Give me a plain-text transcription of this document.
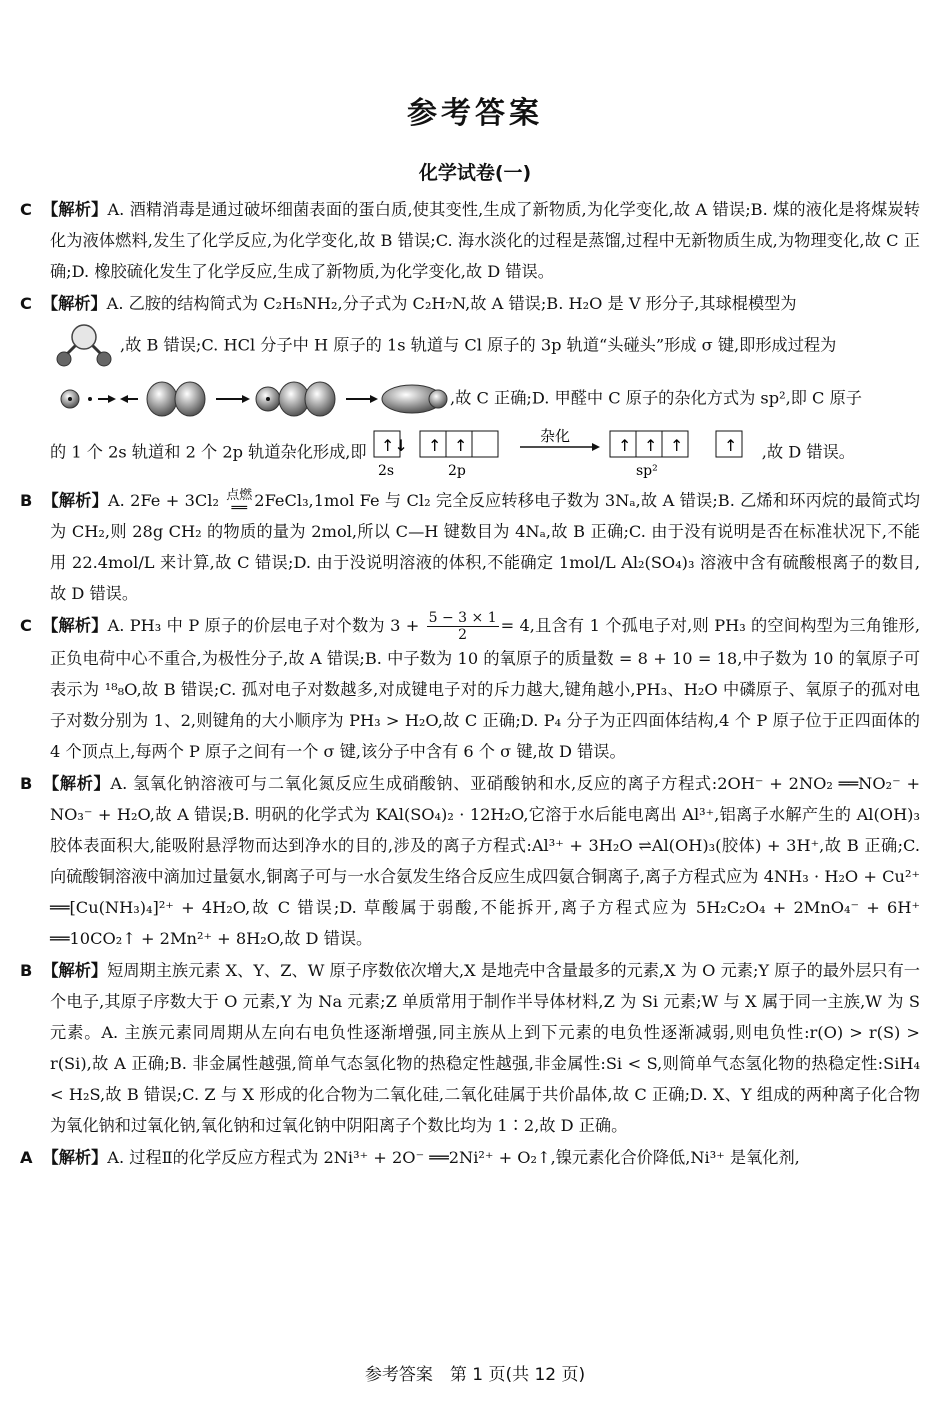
参考答案
化学试卷(一)

C 【解析】A. 酒精消毒是通过破坏细菌表面的蛋白质,使其变性,生成了新物质,为化学变化,故 A 错误;B. 煤的液化是将煤炭转化为液体燃料,发生了化学反应,为化学变化,故 B 错误;C. 海水淡化的过程是蒸馏,过程中无新物质生成,为物理变化,故 C 正确;D. 橡胶硫化发生了化学反应,生成了新物质,为化学变化,故 D 错误。

C 【解析】A. 乙胺的结构简式为 C₂H₅NH₂,分子式为 C₂H₇N,故 A 错误;B. H₂O 是 V 形分子,其球棍模型为
,故 B 错误;C. HCl 分子中 H 原子的 1s 轨道与 Cl 原子的 3p 轨道“头碰头”形成 σ 键,即形成过程为
,故 C 正确;D. 甲醛中 C 原子的杂化方式为 sp²,即 C 原子
的 1 个 2s 轨道和 2 个 2p 轨道杂化形成,即 ↑↓
2s
↑ ↑
2p
杂化	↑ ↑ ↑
sp²
↑ ,故 D 错误。

B 【解析】A. 2Fe + 3Cl₂ 点燃
══ 2FeCl₃,1mol Fe 与 Cl₂ 完全反应转移电子数为 3Nₐ,故 A 错误;B. 乙烯和环丙烷的最简式均为 CH₂,则 28g CH₂ 的物质的量为 2mol,所以 C—H 键数目为 4Nₐ,故 B 正确;C. 由于没有说明是否在标准状况下,不能用 22.4mol/L 来计算,故 C 错误;D. 由于没说明溶液的体积,不能确定 1mol/L Al₂(SO₄)₃ 溶液中含有硫酸根离子的数目,故 D 错误。

C 【解析】A. PH₃ 中 P 原子的价层电子对个数为 $3 + \frac{5 - 3 \times 1}{2} = 4$,且含有 1 个孤电子对,则 PH₃ 的空间构型为三角锥形,正负电荷中心不重合,为极性分子,故 A 错误;B. 中子数为 10 的氧原子的质量数 = 8 + 10 = 18,中子数为 10 的氧原子可表示为 ¹⁸₈O,故 B 错误;C. 孤对电子对数越多,对成键电子对的斥力越大,键角越小,PH₃、H₂O 中磷原子、氧原子的孤对电子对数分别为 1、2,则键角的大小顺序为 PH₃ > H₂O,故 C 正确;D. P₄ 分子为正四面体结构,4 个 P 原子位于正四面体的 4 个顶点上,每两个 P 原子之间有一个 σ 键,该分子中含有 6 个 σ 键,故 D 错误。

B 【解析】A. 氢氧化钠溶液可与二氧化氮反应生成硝酸钠、亚硝酸钠和水,反应的离子方程式:2OH⁻ + 2NO₂ ══NO₂⁻ + NO₃⁻ + H₂O,故 A 错误;B. 明矾的化学式为 KAl(SO₄)₂ · 12H₂O,它溶于水后能电离出 Al³⁺,铝离子水解产生的 Al(OH)₃ 胶体表面积大,能吸附悬浮物而达到净水的目的,涉及的离子方程式:Al³⁺ + 3H₂O ⇌Al(OH)₃(胶体) + 3H⁺,故 B 正确;C. 向硫酸铜溶液中滴加过量氨水,铜离子可与一水合氨发生络合反应生成四氨合铜离子,离子方程式应为 4NH₃ · H₂O + Cu²⁺ ══[Cu(NH₃)₄]²⁺ + 4H₂O,故 C 错误;D. 草酸属于弱酸,不能拆开,离子方程式应为 5H₂C₂O₄ + 2MnO₄⁻ + 6H⁺ ══10CO₂↑ + 2Mn²⁺ + 8H₂O,故 D 错误。

B 【解析】短周期主族元素 X、Y、Z、W 原子序数依次增大,X 是地壳中含量最多的元素,X 为 O 元素;Y 原子的最外层只有一个电子,其原子序数大于 O 元素,Y 为 Na 元素;Z 单质常用于制作半导体材料,Z 为 Si 元素;W 与 X 属于同一主族,W 为 S 元素。A. 主族元素同周期从左向右电负性逐渐增强,同主族从上到下元素的电负性逐渐减弱,则电负性:r(O) > r(S) > r(Si),故 A 正确;B. 非金属性越强,简单气态氢化物的热稳定性越强,非金属性:Si < S,则简单气态氢化物的热稳定性:SiH₄ < H₂S,故 B 错误;C. Z 与 X 形成的化合物为二氧化硅,二氧化硅属于共价晶体,故 C 正确;D. X、Y 组成的两种离子化合物为氧化钠和过氧化钠,氧化钠和过氧化钠中阴阳离子个数比均为 1∶2,故 D 正确。

A 【解析】A. 过程Ⅱ的化学反应方程式为 2Ni³⁺ + 2O⁻ ══2Ni²⁺ + O₂↑,镍元素化合价降低,Ni³⁺ 是氧化剂,

参考答案　第 1 页(共 12 页)
